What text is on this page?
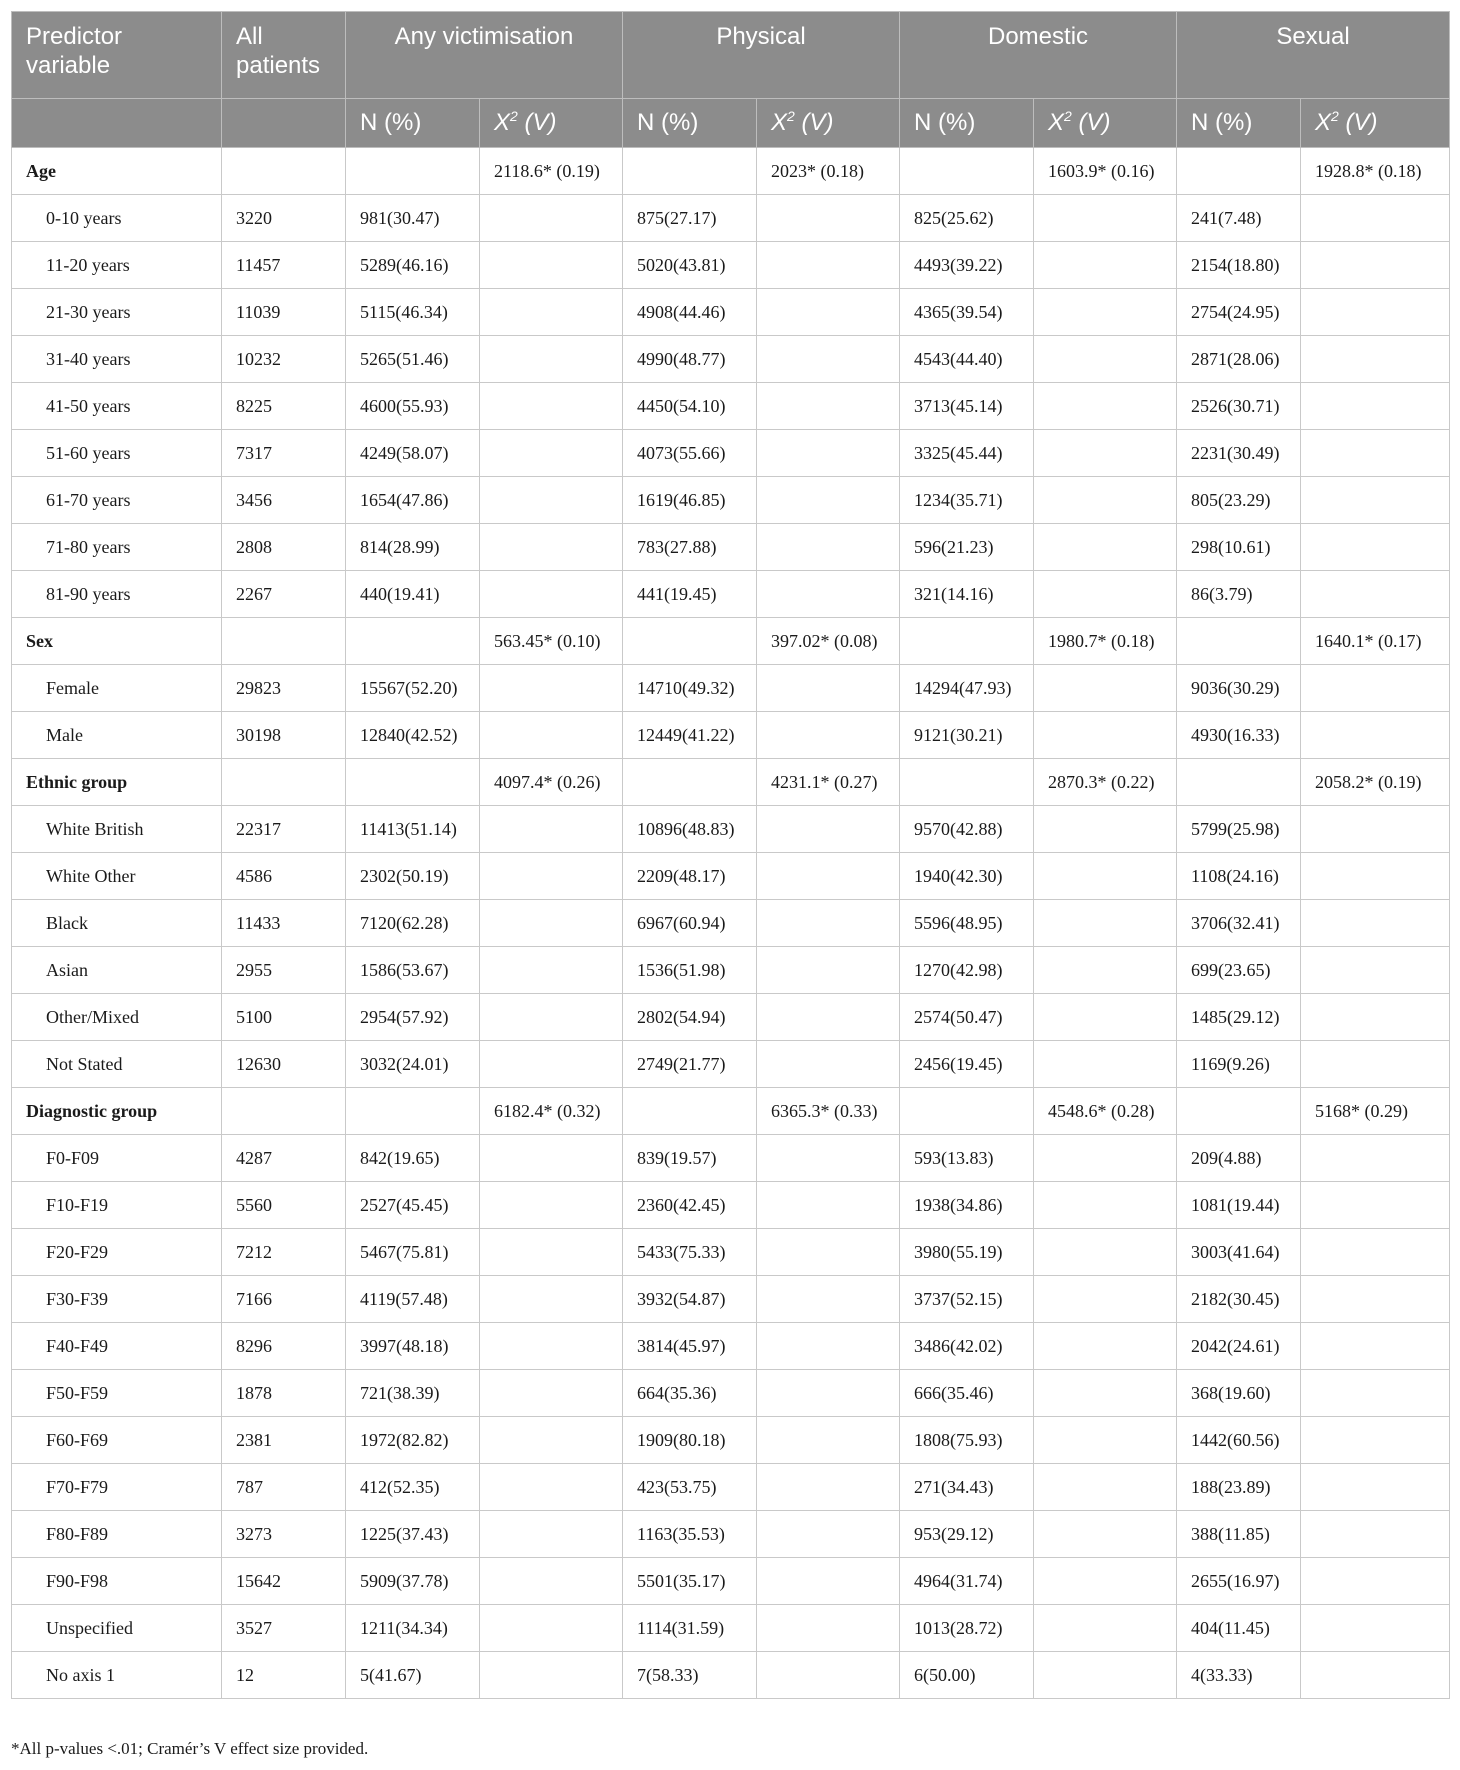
Predictor variable	All patients	Any victimisation		Physical		Domestic		Sexual	
		N (%)	$X^2$ (V)	N (%)	$X^2$ (V)	N (%)	$X^2$ (V)	N (%)	$X^2$ (V)
Age			2118.6* (0.19)		2023* (0.18)		1603.9* (0.16)		1928.8* (0.18)
0-10 years	3220	981(30.47)		875(27.17)		825(25.62)		241(7.48)	
11-20 years	11457	5289(46.16)		5020(43.81)		4493(39.22)		2154(18.80)	
21-30 years	11039	5115(46.34)		4908(44.46)		4365(39.54)		2754(24.95)	
31-40 years	10232	5265(51.46)		4990(48.77)		4543(44.40)		2871(28.06)	
41-50 years	8225	4600(55.93)		4450(54.10)		3713(45.14)		2526(30.71)	
51-60 years	7317	4249(58.07)		4073(55.66)		3325(45.44)		2231(30.49)	
61-70 years	3456	1654(47.86)		1619(46.85)		1234(35.71)		805(23.29)	
71-80 years	2808	814(28.99)		783(27.88)		596(21.23)		298(10.61)	
81-90 years	2267	440(19.41)		441(19.45)		321(14.16)		86(3.79)	
Sex			563.45* (0.10)		397.02* (0.08)		1980.7* (0.18)		1640.1* (0.17)
Female	29823	15567(52.20)		14710(49.32)		14294(47.93)		9036(30.29)	
Male	30198	12840(42.52)		12449(41.22)		9121(30.21)		4930(16.33)	
Ethnic group			4097.4* (0.26)		4231.1* (0.27)		2870.3* (0.22)		2058.2* (0.19)
White British	22317	11413(51.14)		10896(48.83)		9570(42.88)		5799(25.98)	
White Other	4586	2302(50.19)		2209(48.17)		1940(42.30)		1108(24.16)	
Black	11433	7120(62.28)		6967(60.94)		5596(48.95)		3706(32.41)	
Asian	2955	1586(53.67)		1536(51.98)		1270(42.98)		699(23.65)	
Other/Mixed	5100	2954(57.92)		2802(54.94)		2574(50.47)		1485(29.12)	
Not Stated	12630	3032(24.01)		2749(21.77)		2456(19.45)		1169(9.26)	
Diagnostic group			6182.4* (0.32)		6365.3* (0.33)		4548.6* (0.28)		5168* (0.29)
F0-F09	4287	842(19.65)		839(19.57)		593(13.83)		209(4.88)	
F10-F19	5560	2527(45.45)		2360(42.45)		1938(34.86)		1081(19.44)	
F20-F29	7212	5467(75.81)		5433(75.33)		3980(55.19)		3003(41.64)	
F30-F39	7166	4119(57.48)		3932(54.87)		3737(52.15)		2182(30.45)	
F40-F49	8296	3997(48.18)		3814(45.97)		3486(42.02)		2042(24.61)	
F50-F59	1878	721(38.39)		664(35.36)		666(35.46)		368(19.60)	
F60-F69	2381	1972(82.82)		1909(80.18)		1808(75.93)		1442(60.56)	
F70-F79	787	412(52.35)		423(53.75)		271(34.43)		188(23.89)	
F80-F89	3273	1225(37.43)		1163(35.53)		953(29.12)		388(11.85)	
F90-F98	15642	5909(37.78)		5501(35.17)		4964(31.74)		2655(16.97)	
Unspecified	3527	1211(34.34)		1114(31.59)		1013(28.72)		404(11.45)	
No axis 1	12	5(41.67)		7(58.33)		6(50.00)		4(33.33)	
*All p-values <.01; Cramér’s V effect size provided.
